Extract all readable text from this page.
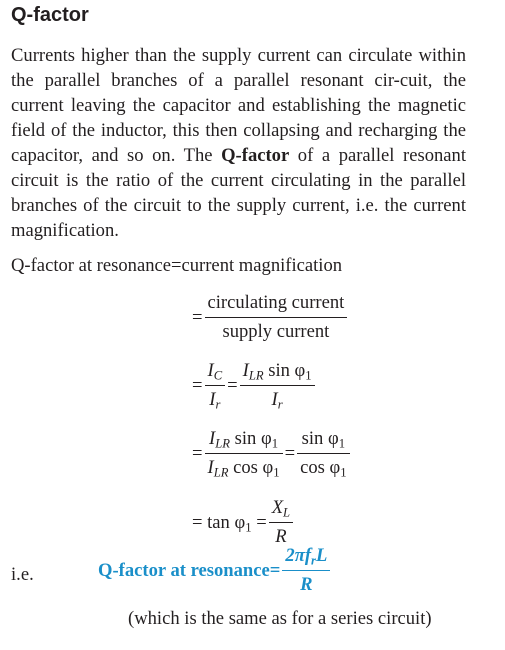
Q-factor

Currents higher than the supply current can circulate within the parallel branches of a parallel resonant cir-cuit, the current leaving the capacitor and establishing the magnetic field of the inductor, this then collapsing and recharging the capacitor, and so on. The Q-factor of a parallel resonant circuit is the ratio of the current circulating in the parallel branches of the circuit to the supply current, i.e. the current magnification.

Q-factor at resonance=current magnification
= $\frac{\text{circulating current}}{\text{supply current}}$
= $\frac{I_C}{I_r} = \frac{I_{LR} \sin \varphi_1}{I_r}$
= $\frac{I_{LR} \sin \varphi_1}{I_{LR} \cos \varphi_1} = \frac{\sin \varphi_1}{\cos \varphi_1}$
= $\tan \varphi_1 = \frac{X_L}{R}$
i.e.	Q-factor at resonance= $\frac{2\pi f_rL}{R}$
(which is the same as for a series circuit)
